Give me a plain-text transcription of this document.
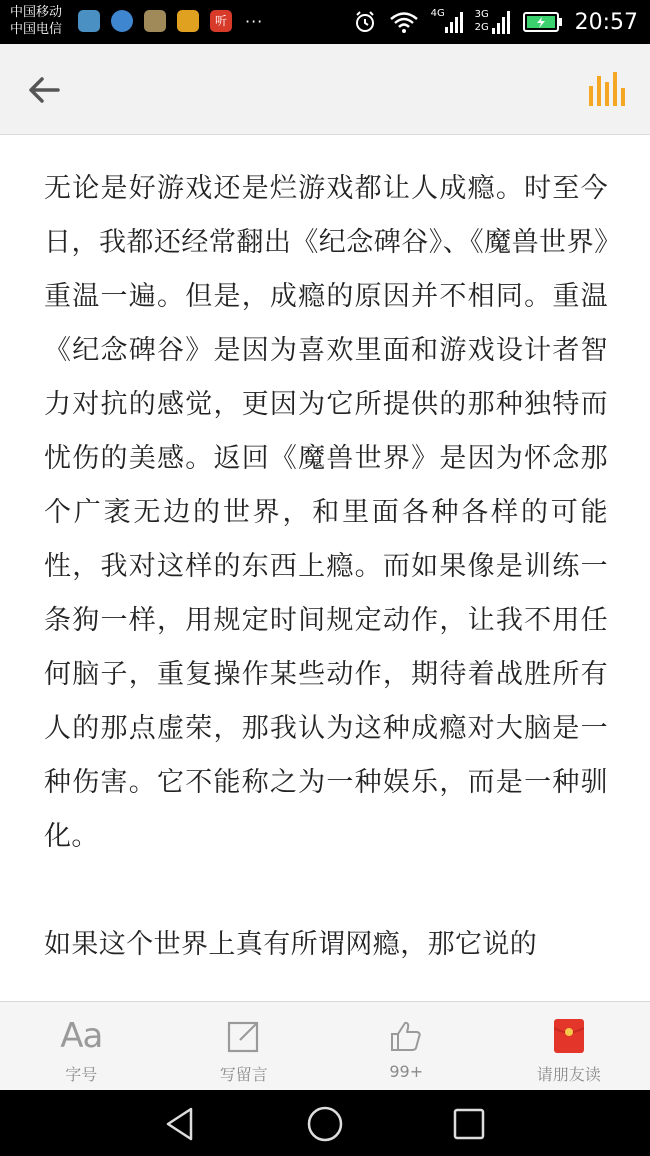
中国移动
中国电信
听	···	4G	3G
2G	20:57

无论是好游戏还是烂游戏都让人成瘾。时至今日，我都还经常翻出《纪念碑谷》、《魔兽世界》重温一遍。但是，成瘾的原因并不相同。重温《纪念碑谷》是因为喜欢里面和游戏设计者智力对抗的感觉，更因为它所提供的那种独特而忧伤的美感。返回《魔兽世界》是因为怀念那个广袤无边的世界，和里面各种各样的可能性，我对这样的东西上瘾。而如果像是训练一条狗一样，用规定时间规定动作，让我不用任何脑子，重复操作某些动作，期待着战胜所有人的那点虚荣，那我认为这种成瘾对大脑是一种伤害。它不能称之为一种娱乐，而是一种驯化。

如果这个世界上真有所谓网瘾，那它说的

Aa
字号	写留言	99+	请朋友读
